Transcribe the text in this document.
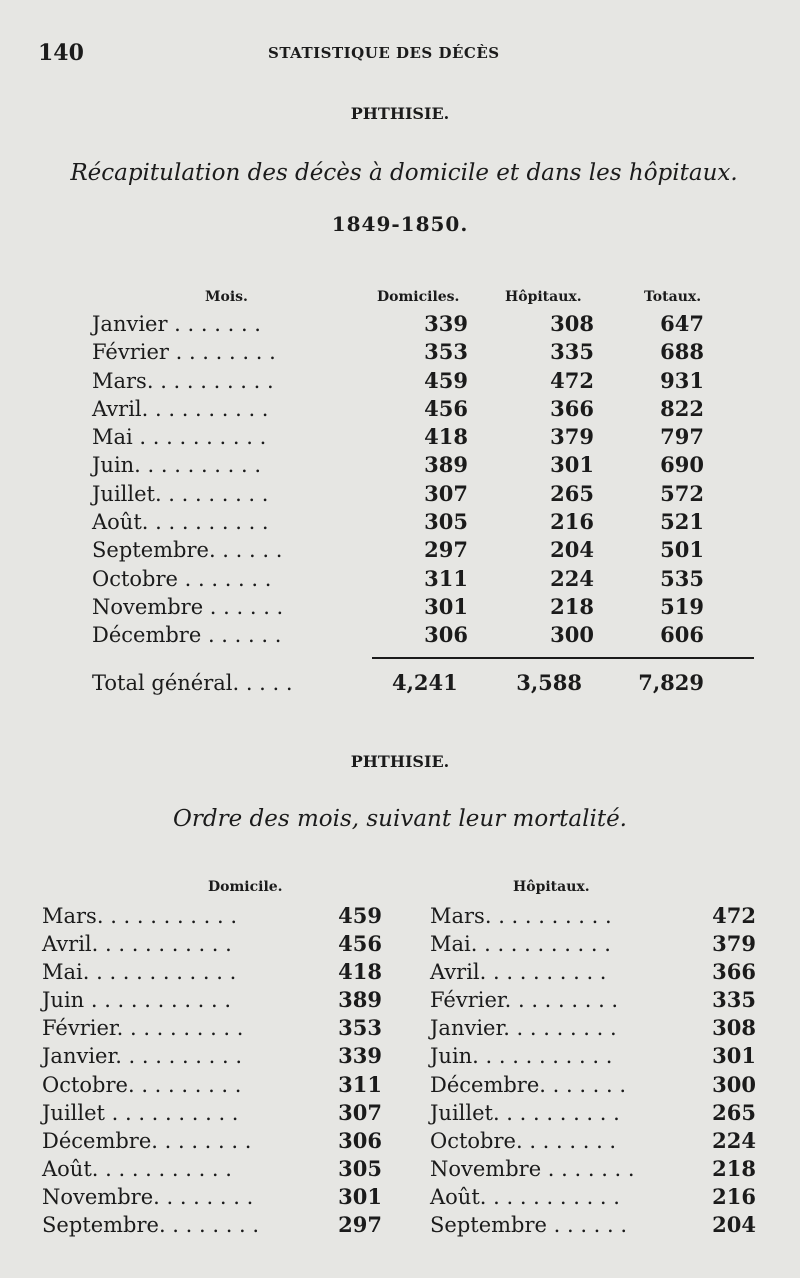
140	STATISTIQUE DES DÉCÈS
PHTHISIE.
Récapitulation des décès à domicile et dans les hôpitaux.
1849-1850.
Mois.	Domiciles.	Hôpitaux.	Totaux.
Janvier . . . . . . .	339	308	647
Février . . . . . . . .	353	335	688
Mars. . . . . . . . . .	459	472	931
Avril. . . . . . . . . .	456	366	822
Mai . . . . . . . . . .	418	379	797
Juin. . . . . . . . . .	389	301	690
Juillet. . . . . . . . .	307	265	572
Août. . . . . . . . . .	305	216	521
Septembre. . . . . .	297	204	501
Octobre . . . . . . .	311	224	535
Novembre . . . . . .	301	218	519
Décembre . . . . . .	306	300	606
Total général. . . . .	4,241	3,588	7,829
PHTHISIE.
Ordre des mois, suivant leur mortalité.
Domicile.	Hôpitaux.
Mars. . . . . . . . . . .	459
Avril. . . . . . . . . . .	456
Mai. . . . . . . . . . . .	418
Juin . . . . . . . . . . .	389
Février. . . . . . . . . .	353
Janvier. . . . . . . . . .	339
Octobre. . . . . . . . .	311
Juillet . . . . . . . . . .	307
Décembre. . . . . . . .	306
Août. . . . . . . . . . .	305
Novembre. . . . . . . .	301
Septembre. . . . . . . .	297
Mars. . . . . . . . . .	472
Mai. . . . . . . . . . .	379
Avril. . . . . . . . . .	366
Février. . . . . . . . .	335
Janvier. . . . . . . . .	308
Juin. . . . . . . . . . .	301
Décembre. . . . . . .	300
Juillet. . . . . . . . . .	265
Octobre. . . . . . . .	224
Novembre . . . . . . .	218
Août. . . . . . . . . . .	216
Septembre . . . . . .	204
